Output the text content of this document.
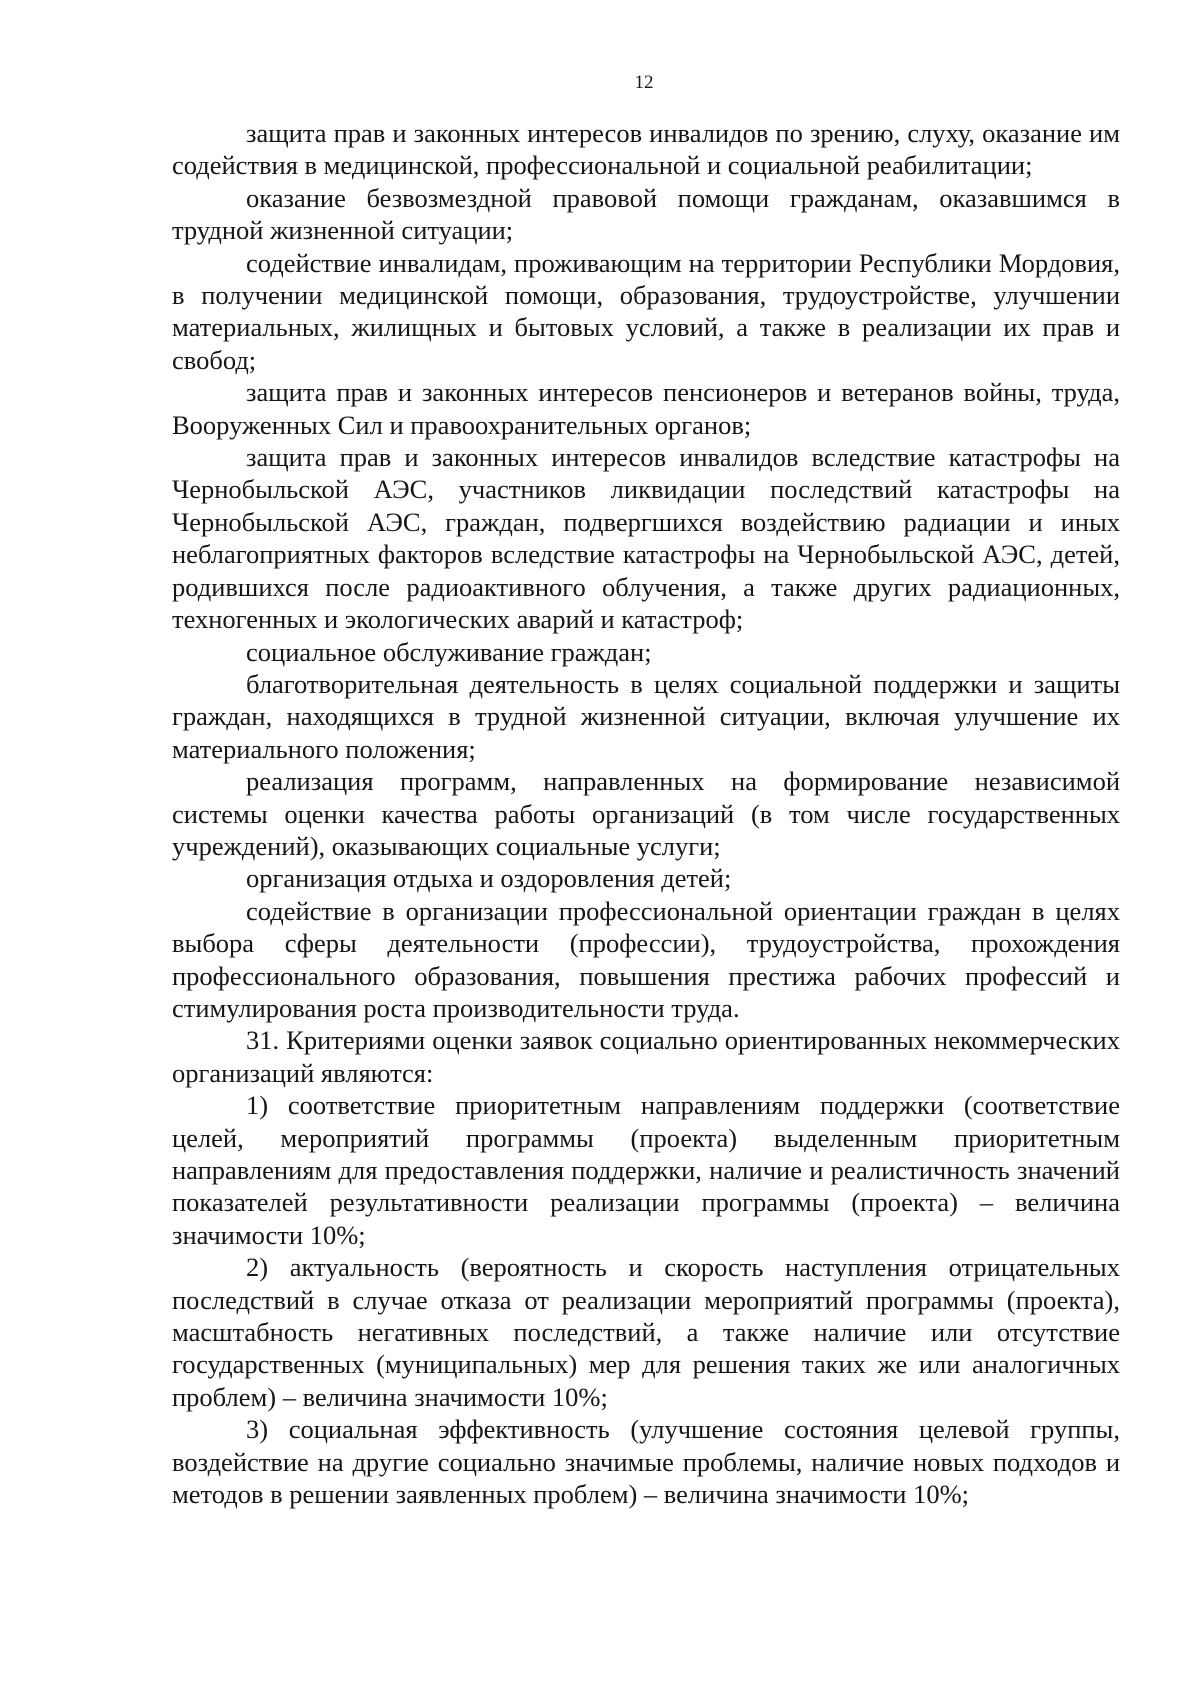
12

защита прав и законных интересов инвалидов по зрению, слуху, оказание им содействия в медицинской, профессиональной и социальной реабилитации;

оказание безвозмездной правовой помощи гражданам, оказавшимся в трудной жизненной ситуации;

содействие инвалидам, проживающим на территории Республики Мордовия, в получении медицинской помощи, образования, трудоустройстве, улучшении материальных, жилищных и бытовых условий, а также в реализации их прав и свобод;

защита прав и законных интересов пенсионеров и ветеранов войны, труда, Вооруженных Сил и правоохранительных органов;

защита прав и законных интересов инвалидов вследствие катастрофы на Чернобыльской АЭС, участников ликвидации последствий катастрофы на Чернобыльской АЭС, граждан, подвергшихся воздействию радиации и иных неблагоприятных факторов вследствие катастрофы на Чернобыльской АЭС, детей, родившихся после радиоактивного облучения, а также других радиационных, техногенных и экологических аварий и катастроф;

социальное обслуживание граждан;

благотворительная деятельность в целях социальной поддержки и защиты граждан, находящихся в трудной жизненной ситуации, включая улучшение их материального положения;

реализация программ, направленных на формирование независимой системы оценки качества работы организаций (в том числе государственных учреждений), оказывающих социальные услуги;

организация отдыха и оздоровления детей;

содействие в организации профессиональной ориентации граждан в целях выбора сферы деятельности (профессии), трудоустройства, прохождения профессионального образования, повышения престижа рабочих профессий и стимулирования роста производительности труда.

31. Критериями оценки заявок социально ориентированных некоммерческих организаций являются:

1) соответствие приоритетным направлениям поддержки (соответствие целей, мероприятий программы (проекта) выделенным приоритетным направлениям для предоставления поддержки, наличие и реалистичность значений показателей результативности реализации программы (проекта) – величина значимости 10%;

2) актуальность (вероятность и скорость наступления отрицательных последствий в случае отказа от реализации мероприятий программы (проекта), масштабность негативных последствий, а также наличие или отсутствие государственных (муниципальных) мер для решения таких же или аналогичных проблем) – величина значимости 10%;

3) социальная эффективность (улучшение состояния целевой группы, воздействие на другие социально значимые проблемы, наличие новых подходов и методов в решении заявленных проблем) – величина значимости 10%;
